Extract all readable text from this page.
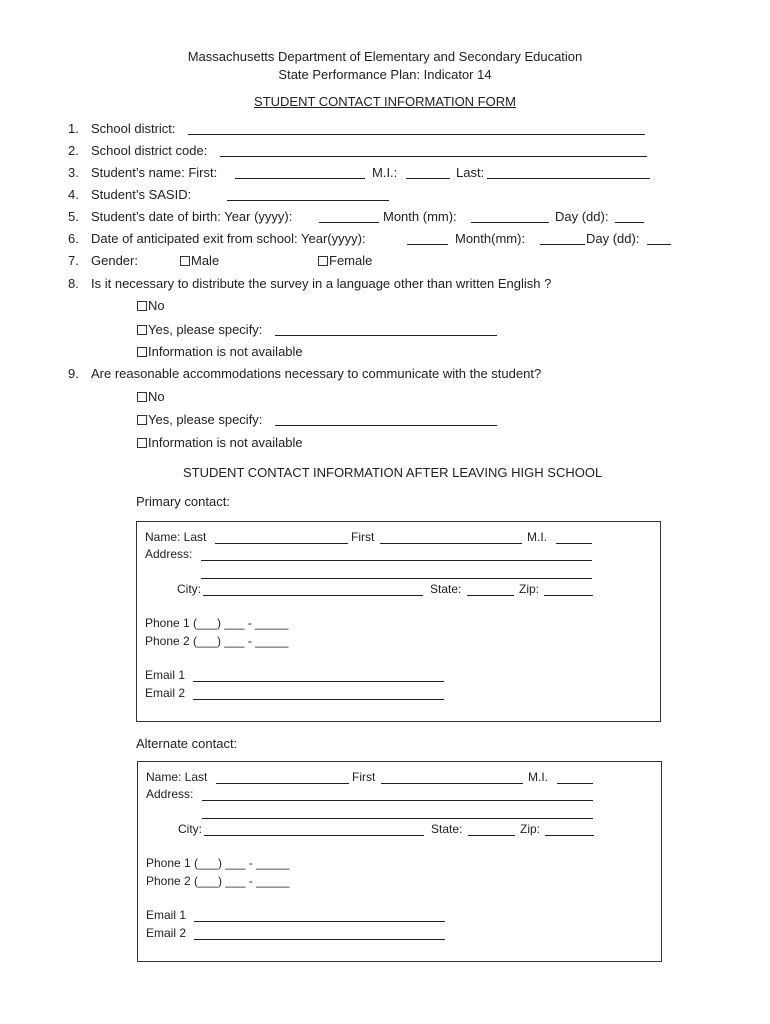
Massachusetts Department of Elementary and Secondary Education
State Performance Plan: Indicator 14
STUDENT CONTACT INFORMATION FORM
1. School district:
2. School district code:
3. Student’s name: First:	M.I.:	Last:
4. Student’s SASID:
5. Student’s date of birth: Year (yyyy):	Month (mm):	Day (dd):
6. Date of anticipated exit from school: Year(yyyy):	Month(mm):	Day (dd):
7. Gender:	Male	Female
8. Is it necessary to distribute the survey in a language other than written English ?
No
Yes, please specify:
Information is not available
9. Are reasonable accommodations necessary to communicate with the student?
No
Yes, please specify:
Information is not available
STUDENT CONTACT INFORMATION AFTER LEAVING HIGH SCHOOL
Primary contact:
Name: Last	First	M.I.
Address:
City:	State:	Zip:
Phone 1 (___) ___ - _____
Phone 2 (___) ___ - _____
Email 1
Email 2
Alternate contact:
Name: Last	First	M.I.
Address:
City:	State:	Zip:
Phone 1 (___) ___ - _____
Phone 2 (___) ___ - _____
Email 1
Email 2
